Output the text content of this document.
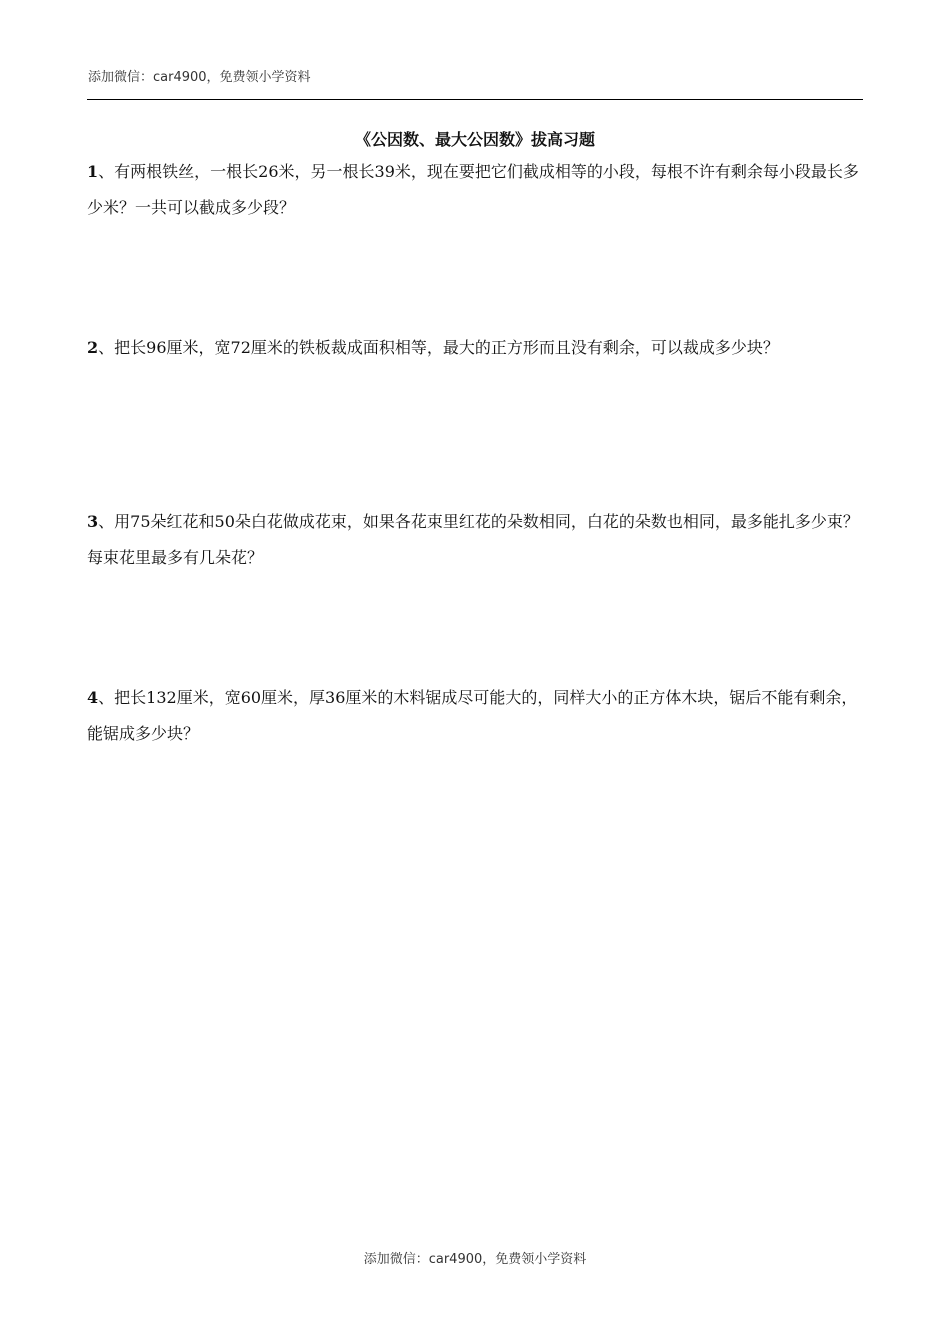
添加微信：car4900，免费领小学资料
《公因数、最大公因数》拔高习题
1、有两根铁丝，一根长26米，另一根长39米，现在要把它们截成相等的小段，每根不许有剩余每小段最长多少米？一共可以截成多少段？
2、把长96厘米，宽72厘米的铁板裁成面积相等，最大的正方形而且没有剩余，可以裁成多少块？
3、用75朵红花和50朵白花做成花束，如果各花束里红花的朵数相同，白花的朵数也相同，最多能扎多少束？每束花里最多有几朵花？
4、把长132厘米，宽60厘米，厚36厘米的木料锯成尽可能大的，同样大小的正方体木块，锯后不能有剩余，能锯成多少块？
添加微信：car4900，免费领小学资料
